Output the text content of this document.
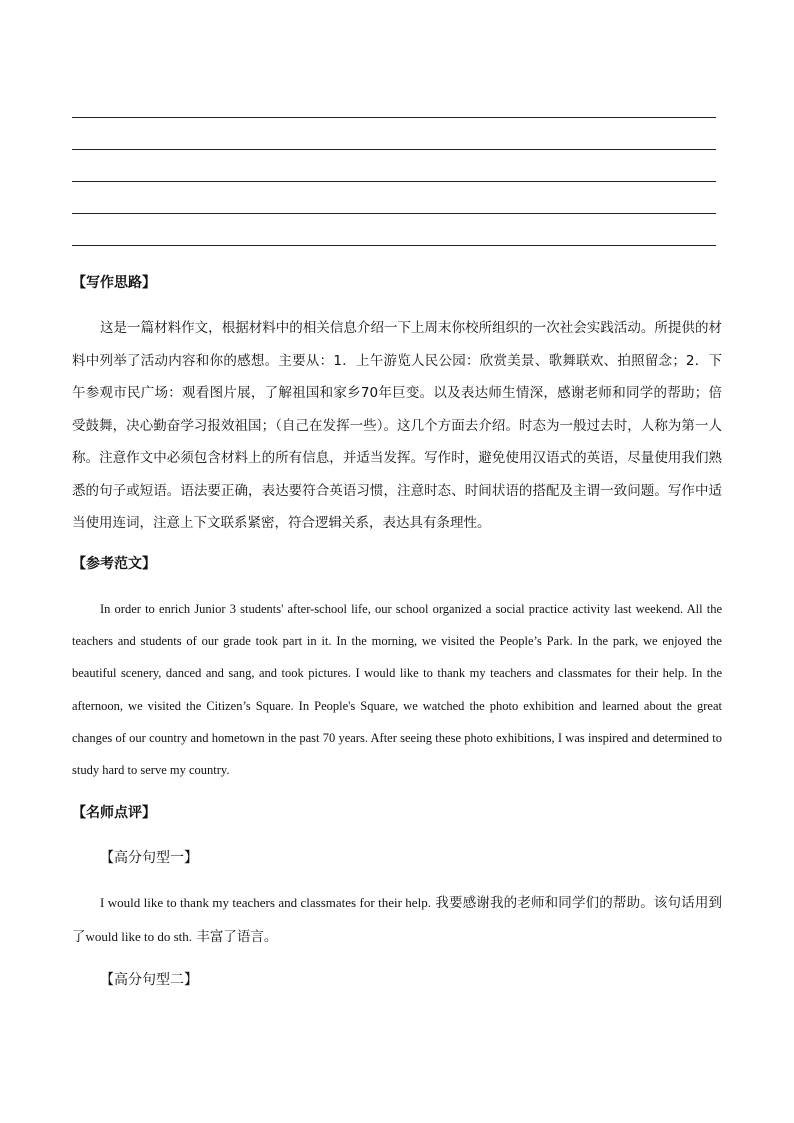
【写作思路】

这是一篇材料作文，根据材料中的相关信息介绍一下上周末你校所组织的一次社会实践活动。所提供的材料中列举了活动内容和你的感想。主要从：1．上午游览人民公园：欣赏美景、歌舞联欢、拍照留念；2．下午参观市民广场：观看图片展，了解祖国和家乡70年巨变。以及表达师生情深，感谢老师和同学的帮助；倍受鼓舞，决心勤奋学习报效祖国；（自己在发挥一些）。这几个方面去介绍。时态为一般过去时，人称为第一人称。注意作文中必须包含材料上的所有信息，并适当发挥。写作时，避免使用汉语式的英语，尽量使用我们熟悉的句子或短语。语法要正确，表达要符合英语习惯，注意时态、时间状语的搭配及主谓一致问题。写作中适当使用连词，注意上下文联系紧密，符合逻辑关系，表达具有条理性。

【参考范文】

In order to enrich Junior 3 students' after-school life, our school organized a social practice activity last weekend. All the teachers and students of our grade took part in it. In the morning, we visited the People’s Park. In the park, we enjoyed the beautiful scenery, danced and sang, and took pictures. I would like to thank my teachers and classmates for their help. In the afternoon, we visited the Citizen’s Square. In People's Square, we watched the photo exhibition and learned about the great changes of our country and hometown in the past 70 years. After seeing these photo exhibitions, I was inspired and determined to study hard to serve my country.

【名师点评】
【高分句型一】

I would like to thank my teachers and classmates for their help. 我要感谢我的老师和同学们的帮助。该句话用到了would like to do sth. 丰富了语言。

【高分句型二】
